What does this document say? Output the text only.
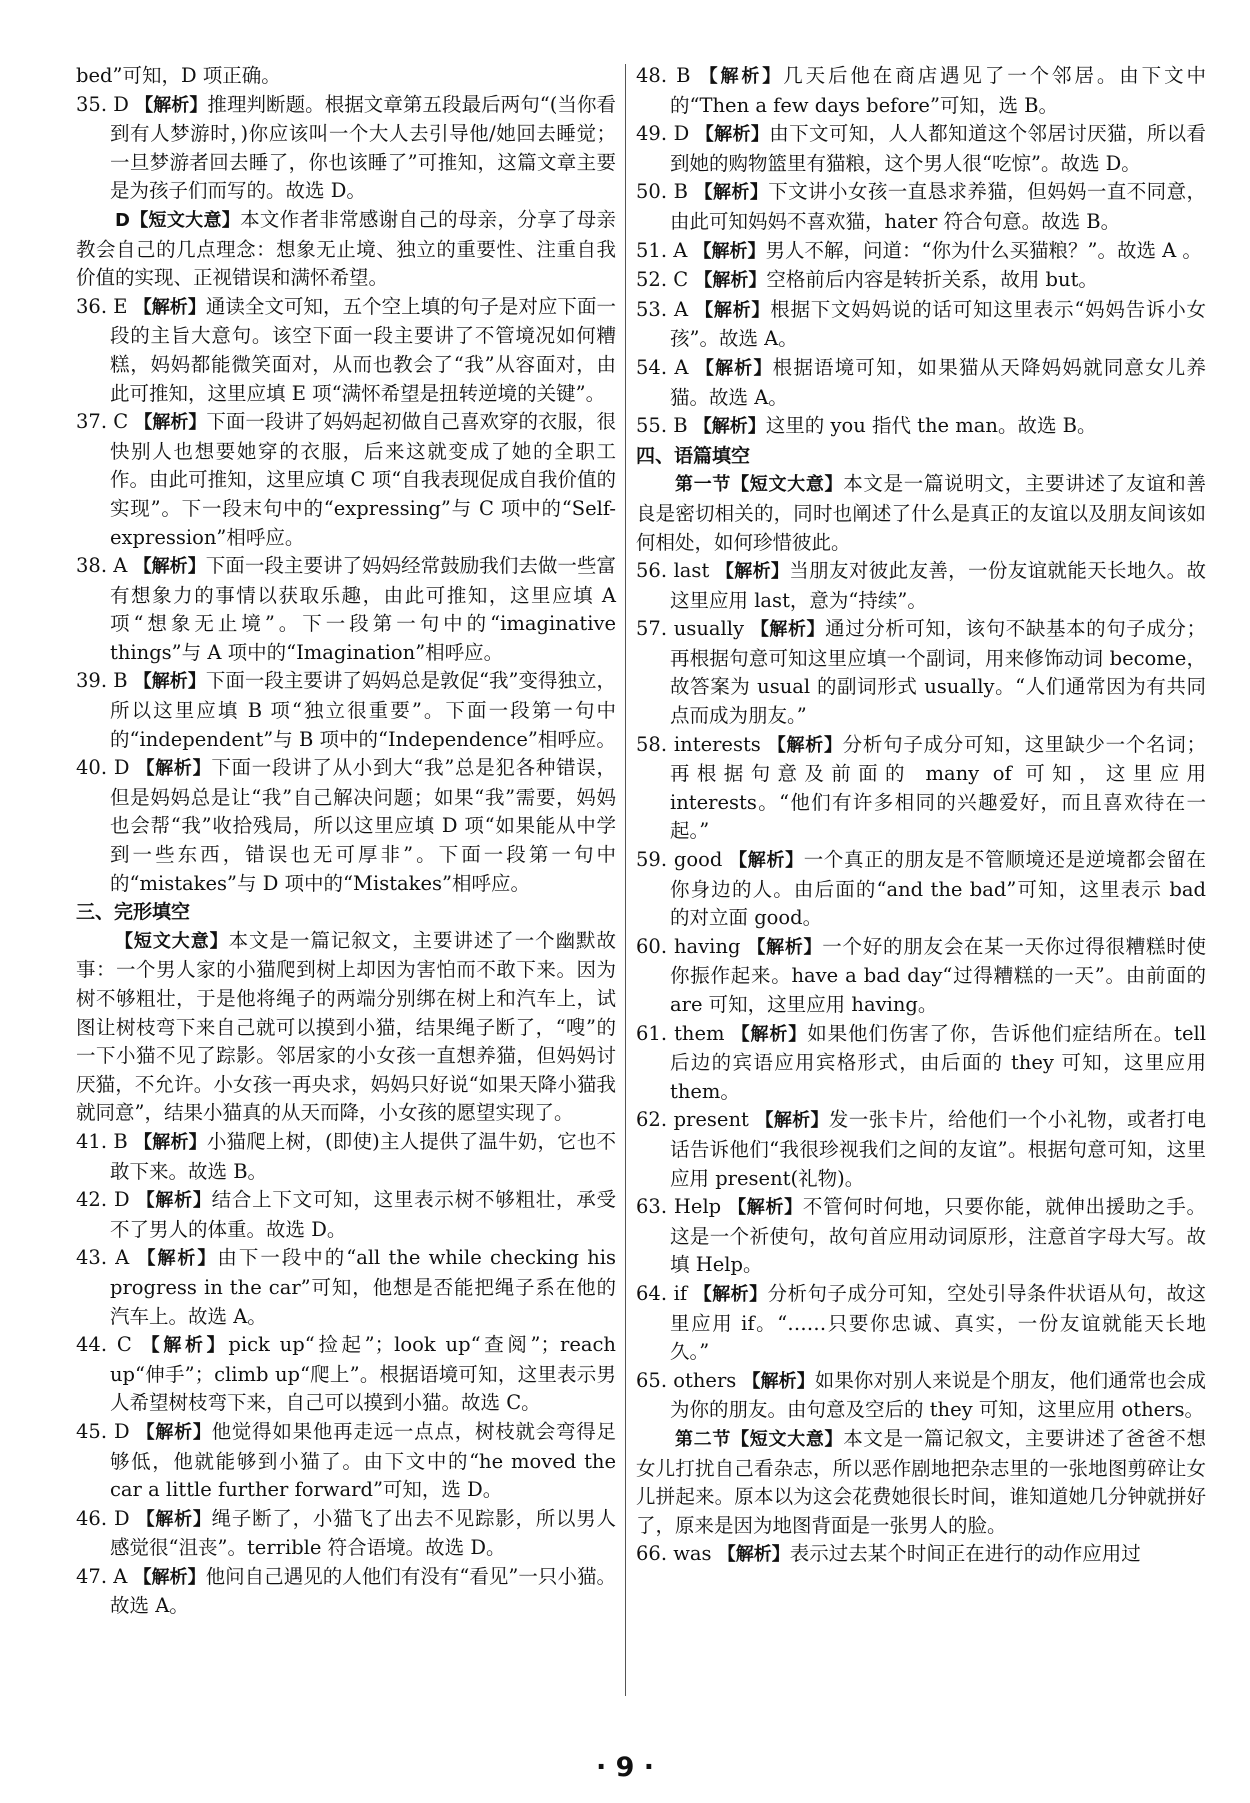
bed”可知，D 项正确。
35. D 【解析】推理判断题。根据文章第五段最后两句“(当你看到有人梦游时，)你应该叫一个大人去引导他/她回去睡觉；一旦梦游者回去睡了，你也该睡了”可推知，这篇文章主要是为孩子们而写的。故选 D。
D【短文大意】本文作者非常感谢自己的母亲，分享了母亲教会自己的几点理念：想象无止境、独立的重要性、注重自我价值的实现、正视错误和满怀希望。
36. E 【解析】通读全文可知，五个空上填的句子是对应下面一段的主旨大意句。该空下面一段主要讲了不管境况如何糟糕，妈妈都能微笑面对，从而也教会了“我”从容面对，由此可推知，这里应填 E 项“满怀希望是扭转逆境的关键”。
37. C 【解析】下面一段讲了妈妈起初做自己喜欢穿的衣服，很快别人也想要她穿的衣服，后来这就变成了她的全职工作。由此可推知，这里应填 C 项“自我表现促成自我价值的实现”。下一段末句中的“expressing”与 C 项中的“Self-expression”相呼应。
38. A 【解析】下面一段主要讲了妈妈经常鼓励我们去做一些富有想象力的事情以获取乐趣，由此可推知，这里应填 A 项“想象无止境”。下一段第一句中的“imaginative things”与 A 项中的“Imagination”相呼应。
39. B 【解析】下面一段主要讲了妈妈总是敦促“我”变得独立，所以这里应填 B 项“独立很重要”。下面一段第一句中的“independent”与 B 项中的“Independence”相呼应。
40. D 【解析】下面一段讲了从小到大“我”总是犯各种错误，但是妈妈总是让“我”自己解决问题；如果“我”需要，妈妈也会帮“我”收拾残局，所以这里应填 D 项“如果能从中学到一些东西，错误也无可厚非”。下面一段第一句中的“mistakes”与 D 项中的“Mistakes”相呼应。
三、完形填空
【短文大意】本文是一篇记叙文，主要讲述了一个幽默故事：一个男人家的小猫爬到树上却因为害怕而不敢下来。因为树不够粗壮，于是他将绳子的两端分别绑在树上和汽车上，试图让树枝弯下来自己就可以摸到小猫，结果绳子断了，“嗖”的一下小猫不见了踪影。邻居家的小女孩一直想养猫，但妈妈讨厌猫，不允许。小女孩一再央求，妈妈只好说“如果天降小猫我就同意”，结果小猫真的从天而降，小女孩的愿望实现了。
41. B 【解析】小猫爬上树，(即使)主人提供了温牛奶，它也不敢下来。故选 B。
42. D 【解析】结合上下文可知，这里表示树不够粗壮，承受不了男人的体重。故选 D。
43. A 【解析】由下一段中的“all the while checking his progress in the car”可知，他想是否能把绳子系在他的汽车上。故选 A。
44. C 【解析】pick up“捡起”；look up“查阅”；reach up“伸手”；climb up“爬上”。根据语境可知，这里表示男人希望树枝弯下来，自己可以摸到小猫。故选 C。
45. D 【解析】他觉得如果他再走远一点点，树枝就会弯得足够低，他就能够到小猫了。由下文中的“he moved the car a little further forward”可知，选 D。
46. D 【解析】绳子断了，小猫飞了出去不见踪影，所以男人感觉很“沮丧”。terrible 符合语境。故选 D。
47. A 【解析】他问自己遇见的人他们有没有“看见”一只小猫。故选 A。
48. B 【解析】几天后他在商店遇见了一个邻居。由下文中的“Then a few days before”可知，选 B。
49. D 【解析】由下文可知，人人都知道这个邻居讨厌猫，所以看到她的购物篮里有猫粮，这个男人很“吃惊”。故选 D。
50. B 【解析】下文讲小女孩一直恳求养猫，但妈妈一直不同意，由此可知妈妈不喜欢猫，hater 符合句意。故选 B。
51. A 【解析】男人不解，问道：“你为什么买猫粮？”。故选 A 。
52. C 【解析】空格前后内容是转折关系，故用 but。
53. A 【解析】根据下文妈妈说的话可知这里表示“妈妈告诉小女孩”。故选 A。
54. A 【解析】根据语境可知，如果猫从天降妈妈就同意女儿养猫。故选 A。
55. B 【解析】这里的 you 指代 the man。故选 B。
四、语篇填空
第一节【短文大意】本文是一篇说明文，主要讲述了友谊和善良是密切相关的，同时也阐述了什么是真正的友谊以及朋友间该如何相处，如何珍惜彼此。
56. last 【解析】当朋友对彼此友善，一份友谊就能天长地久。故这里应用 last，意为“持续”。
57. usually 【解析】通过分析可知，该句不缺基本的句子成分；再根据句意可知这里应填一个副词，用来修饰动词 become，故答案为 usual 的副词形式 usually。“人们通常因为有共同点而成为朋友。”
58. interests 【解析】分析句子成分可知，这里缺少一个名词；再根据句意及前面的 many of 可知，这里应用 interests。“他们有许多相同的兴趣爱好，而且喜欢待在一起。”
59. good 【解析】一个真正的朋友是不管顺境还是逆境都会留在你身边的人。由后面的“and the bad”可知，这里表示 bad 的对立面 good。
60. having 【解析】一个好的朋友会在某一天你过得很糟糕时使你振作起来。have a bad day“过得糟糕的一天”。由前面的 are 可知，这里应用 having。
61. them 【解析】如果他们伤害了你，告诉他们症结所在。tell 后边的宾语应用宾格形式，由后面的 they 可知，这里应用 them。
62. present 【解析】发一张卡片，给他们一个小礼物，或者打电话告诉他们“我很珍视我们之间的友谊”。根据句意可知，这里应用 present(礼物)。
63. Help 【解析】不管何时何地，只要你能，就伸出援助之手。这是一个祈使句，故句首应用动词原形，注意首字母大写。故填 Help。
64. if 【解析】分析句子成分可知，空处引导条件状语从句，故这里应用 if。“……只要你忠诚、真实，一份友谊就能天长地久。”
65. others 【解析】如果你对别人来说是个朋友，他们通常也会成为你的朋友。由句意及空后的 they 可知，这里应用 others。
第二节【短文大意】本文是一篇记叙文，主要讲述了爸爸不想女儿打扰自己看杂志，所以恶作剧地把杂志里的一张地图剪碎让女儿拼起来。原本以为这会花费她很长时间，谁知道她几分钟就拼好了，原来是因为地图背面是一张男人的脸。
66. was 【解析】表示过去某个时间正在进行的动作应用过
· 9 ·
